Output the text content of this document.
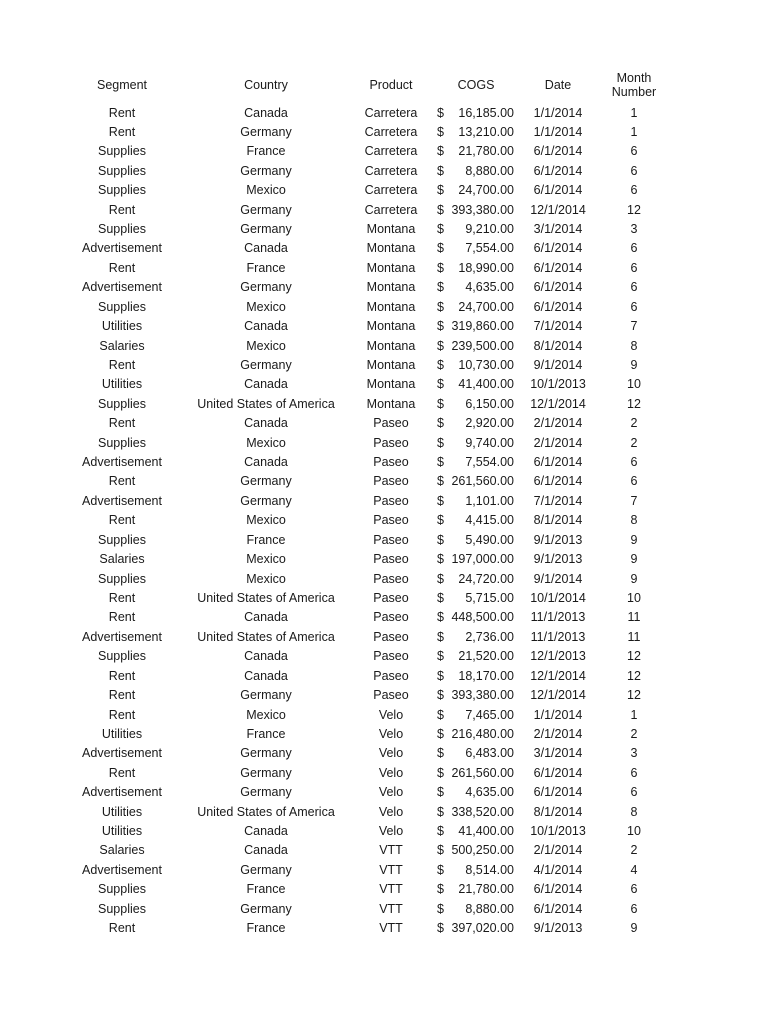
Segment	Country	Product	COGS	Date	Month
Number
Rent	Canada	Carretera	$	16,185.00	1/1/2014	1
Rent	Germany	Carretera	$	13,210.00	1/1/2014	1
Supplies	France	Carretera	$	21,780.00	6/1/2014	6
Supplies	Germany	Carretera	$	8,880.00	6/1/2014	6
Supplies	Mexico	Carretera	$	24,700.00	6/1/2014	6
Rent	Germany	Carretera	$ 393,380.00	12/1/2014	12
Supplies	Germany	Montana	$	9,210.00	3/1/2014	3
Advertisement	Canada	Montana	$	7,554.00	6/1/2014	6
Rent	France	Montana	$	18,990.00	6/1/2014	6
Advertisement	Germany	Montana	$	4,635.00	6/1/2014	6
Supplies	Mexico	Montana	$	24,700.00	6/1/2014	6
Utilities	Canada	Montana	$ 319,860.00	7/1/2014	7
Salaries	Mexico	Montana	$ 239,500.00	8/1/2014	8
Rent	Germany	Montana	$	10,730.00	9/1/2014	9
Utilities	Canada	Montana	$	41,400.00	10/1/2013	10
Supplies	United States of America	Montana	$	6,150.00	12/1/2014	12
Rent	Canada	Paseo	$	2,920.00	2/1/2014	2
Supplies	Mexico	Paseo	$	9,740.00	2/1/2014	2
Advertisement	Canada	Paseo	$	7,554.00	6/1/2014	6
Rent	Germany	Paseo	$ 261,560.00	6/1/2014	6
Advertisement	Germany	Paseo	$	1,101.00	7/1/2014	7
Rent	Mexico	Paseo	$	4,415.00	8/1/2014	8
Supplies	France	Paseo	$	5,490.00	9/1/2013	9
Salaries	Mexico	Paseo	$ 197,000.00	9/1/2013	9
Supplies	Mexico	Paseo	$	24,720.00	9/1/2014	9
Rent	United States of America	Paseo	$	5,715.00	10/1/2014	10
Rent	Canada	Paseo	$ 448,500.00	11/1/2013	11
Advertisement	United States of America	Paseo	$	2,736.00	11/1/2013	11
Supplies	Canada	Paseo	$	21,520.00	12/1/2013	12
Rent	Canada	Paseo	$	18,170.00	12/1/2014	12
Rent	Germany	Paseo	$ 393,380.00	12/1/2014	12
Rent	Mexico	Velo	$	7,465.00	1/1/2014	1
Utilities	France	Velo	$ 216,480.00	2/1/2014	2
Advertisement	Germany	Velo	$	6,483.00	3/1/2014	3
Rent	Germany	Velo	$ 261,560.00	6/1/2014	6
Advertisement	Germany	Velo	$	4,635.00	6/1/2014	6
Utilities	United States of America	Velo	$ 338,520.00	8/1/2014	8
Utilities	Canada	Velo	$	41,400.00	10/1/2013	10
Salaries	Canada	VTT	$ 500,250.00	2/1/2014	2
Advertisement	Germany	VTT	$	8,514.00	4/1/2014	4
Supplies	France	VTT	$	21,780.00	6/1/2014	6
Supplies	Germany	VTT	$	8,880.00	6/1/2014	6
Rent	France	VTT	$ 397,020.00	9/1/2013	9
